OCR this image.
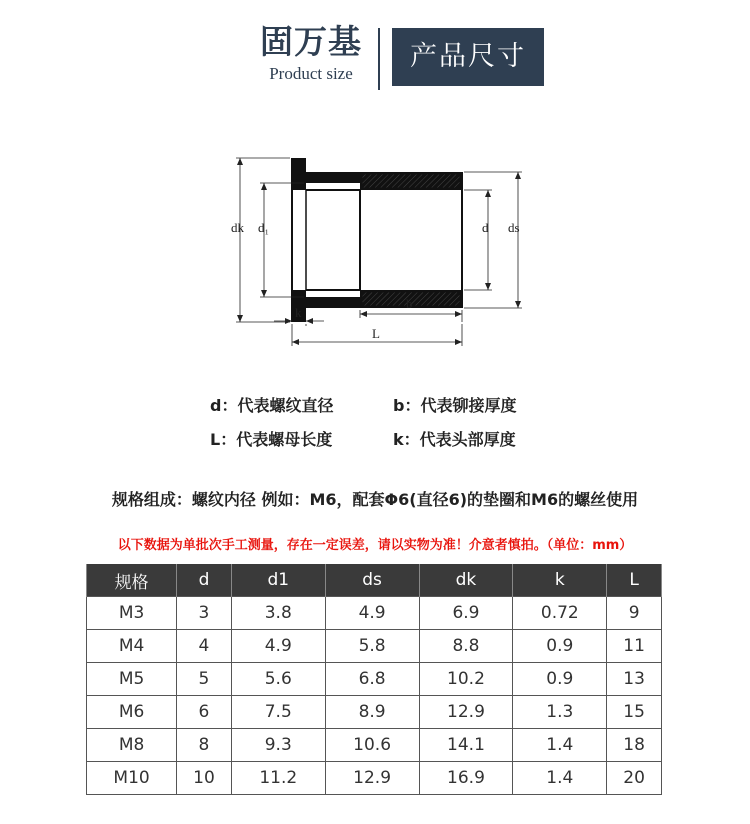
固万基
Product size
产品尺寸
dk d₁	d ds
b
k
L
d：代表螺纹直径	b：代表铆接厚度
L：代表螺母长度	k：代表头部厚度
规格组成：螺纹内径 例如：M6，配套Φ6(直径6)的垫圈和M6的螺丝使用
以下数据为单批次手工测量，存在一定误差，请以实物为准！介意者慎拍。（单位：mm）
规格	d	d1	ds	dk	k	L
M3	3	3.8	4.9	6.9	0.72	9
M4	4	4.9	5.8	8.8	0.9	11
M5	5	5.6	6.8	10.2	0.9	13
M6	6	7.5	8.9	12.9	1.3	15
M8	8	9.3	10.6	14.1	1.4	18
M10	10	11.2	12.9	16.9	1.4	20
